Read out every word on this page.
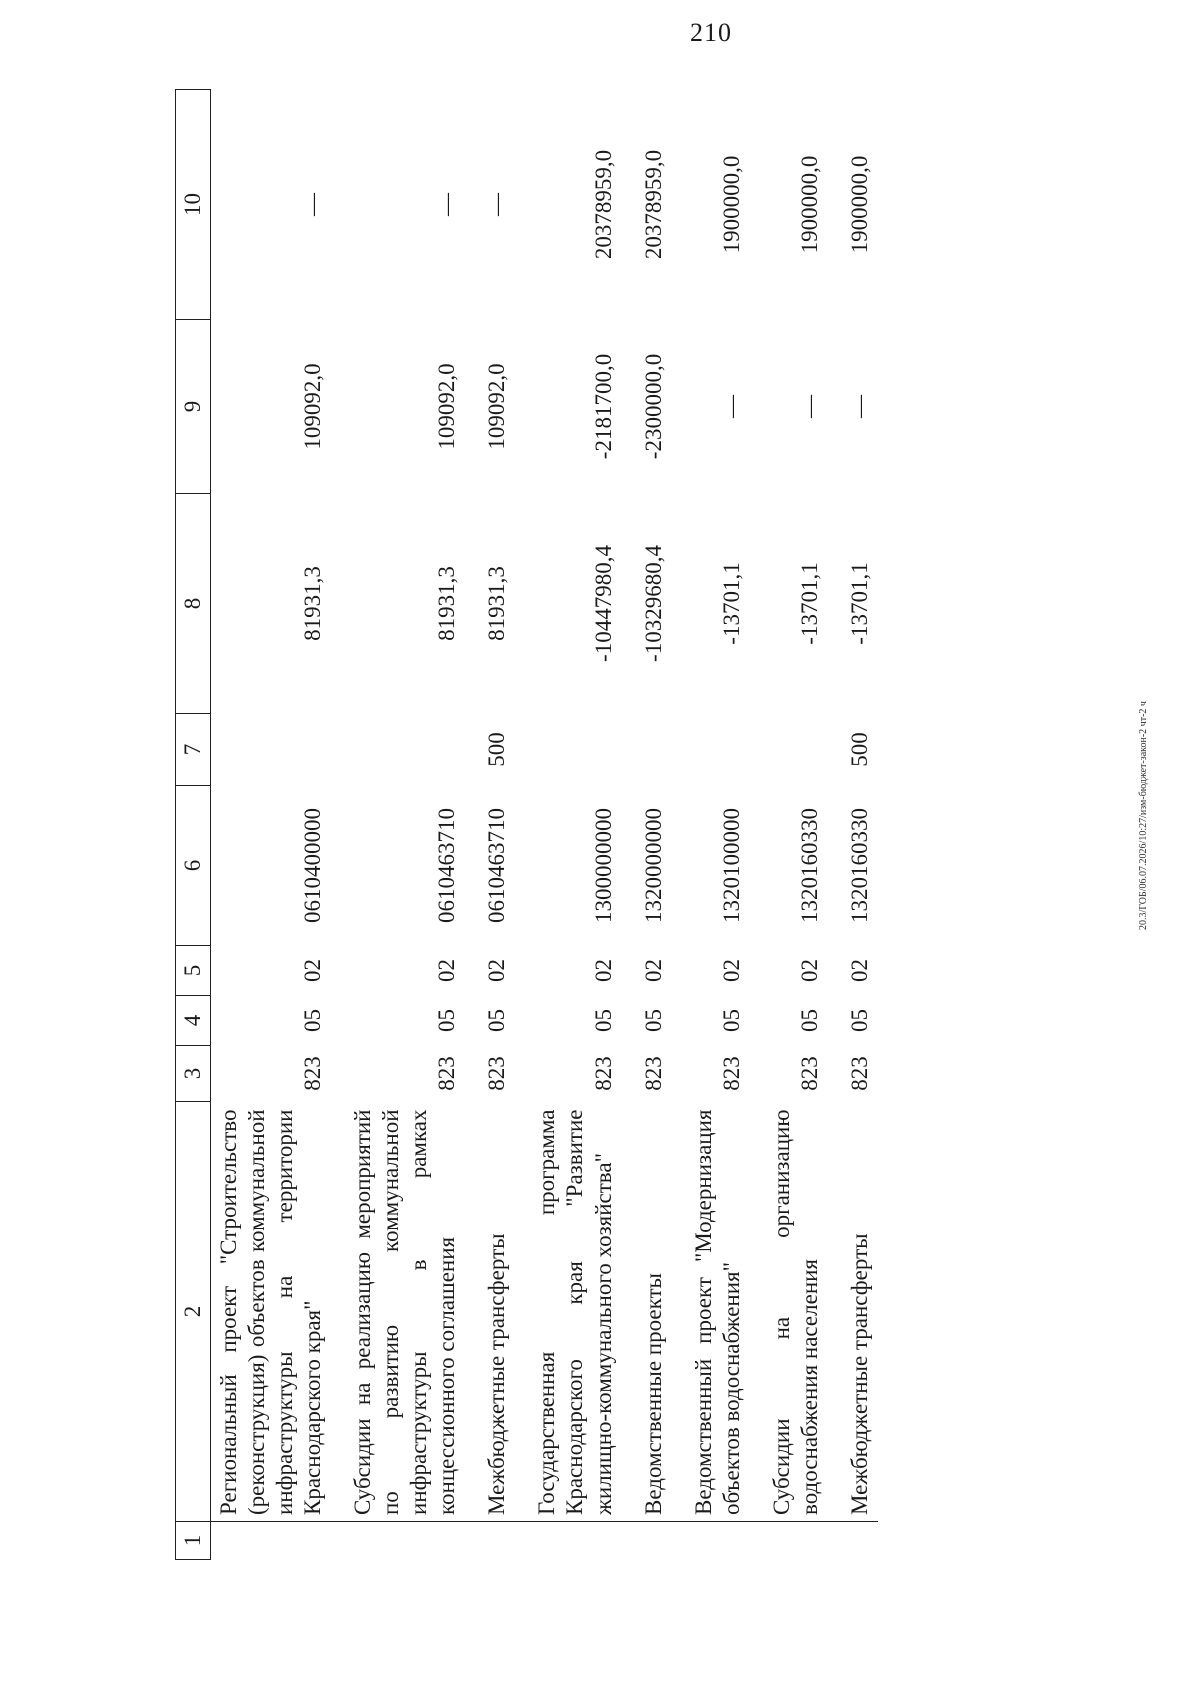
210
20.3/ГОБ/06.07.2026/10:27/изм-бюджет-закон-2 чт-2 ч
1	2	3	4	5	6	7	8	9	10
	Региональный проект "Строительство (реконструкция) объектов коммунальной инфраструктуры на территории Краснодарского края"	823	05	02	0610400000		81931,3	109092,0	—
	Субсидии на реализацию мероприятий по развитию коммунальной инфраструктуры в рамках концессионного соглашения	823	05	02	0610463710		81931,3	109092,0	—
	Межбюджетные трансферты	823	05	02	0610463710	500	81931,3	109092,0	—
	Государственная программа Краснодарского края "Развитие жилищно-коммунального хозяйства"	823	05	02	1300000000		-10447980,4	-2181700,0	20378959,0
	Ведомственные проекты	823	05	02	1320000000		-10329680,4	-2300000,0	20378959,0
	Ведомственный проект "Модернизация объектов водоснабжения"	823	05	02	1320100000		-13701,1	—	1900000,0
	Субсидии на организацию водоснабжения населения	823	05	02	1320160330		-13701,1	—	1900000,0
	Межбюджетные трансферты	823	05	02	1320160330	500	-13701,1	—	1900000,0
